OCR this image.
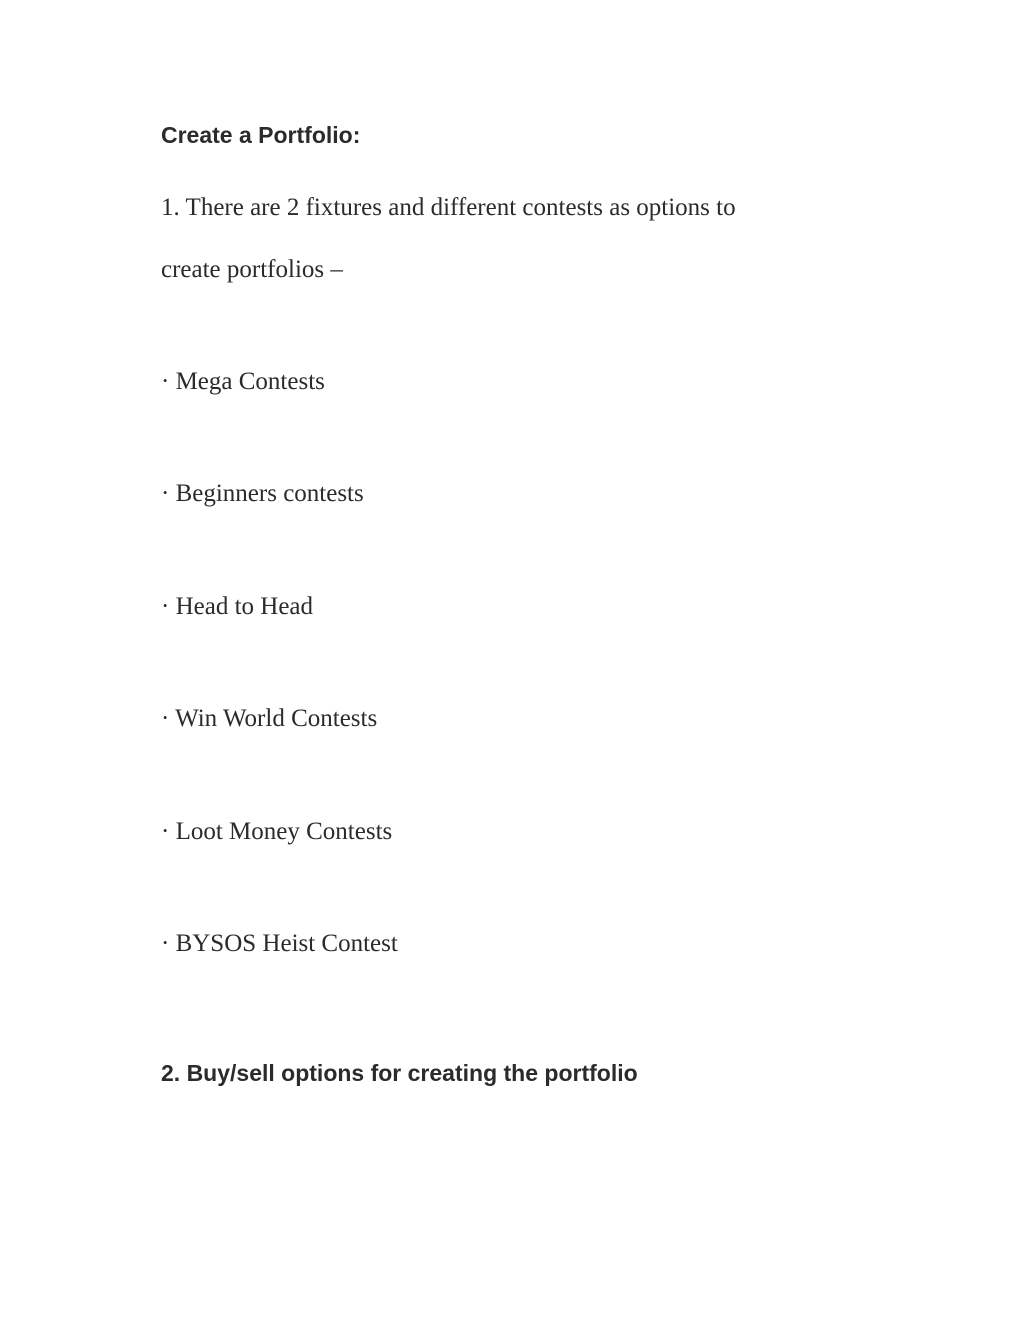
Create a Portfolio:

1. There are 2 fixtures and different contests as options to

create portfolios –

· Mega Contests
· Beginners contests
· Head to Head
· Win World Contests
· Loot Money Contests
· BYSOS Heist Contest
2. Buy/sell options for creating the portfolio
